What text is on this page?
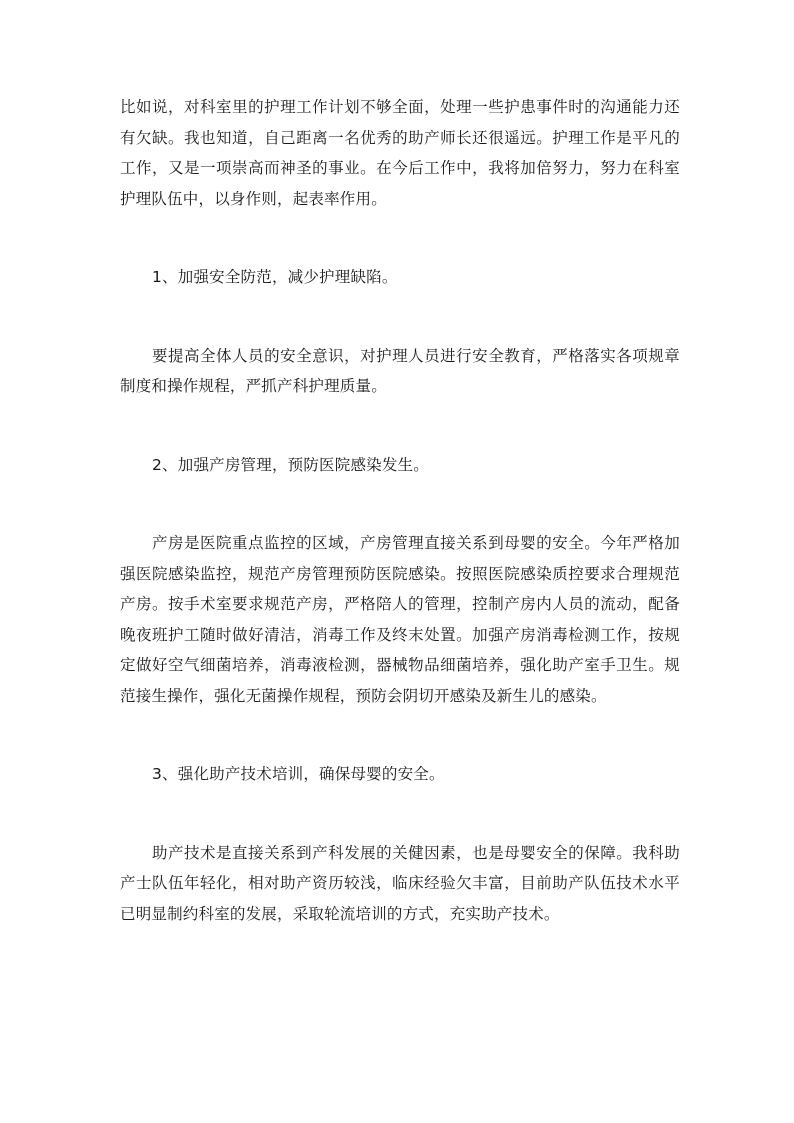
比如说，对科室里的护理工作计划不够全面，处理一些护患事件时的沟通能力还有欠缺。我也知道，自己距离一名优秀的助产师长还很遥远。护理工作是平凡的工作，又是一项崇高而神圣的事业。在今后工作中，我将加倍努力，努力在科室护理队伍中，以身作则，起表率作用。

1、加强安全防范，减少护理缺陷。

要提高全体人员的安全意识，对护理人员进行安全教育，严格落实各项规章制度和操作规程，严抓产科护理质量。

2、加强产房管理，预防医院感染发生。

产房是医院重点监控的区域，产房管理直接关系到母婴的安全。今年严格加强医院感染监控，规范产房管理预防医院感染。按照医院感染质控要求合理规范产房。按手术室要求规范产房，严格陪人的管理，控制产房内人员的流动，配备晚夜班护工随时做好清洁，消毒工作及终末处置。加强产房消毒检测工作，按规定做好空气细菌培养，消毒液检测，器械物品细菌培养，强化助产室手卫生。规范接生操作，强化无菌操作规程，预防会阴切开感染及新生儿的感染。

3、强化助产技术培训，确保母婴的安全。

助产技术是直接关系到产科发展的关健因素，也是母婴安全的保障。我科助产士队伍年轻化，相对助产资历较浅，临床经验欠丰富，目前助产队伍技术水平已明显制约科室的发展，采取轮流培训的方式，充实助产技术。
